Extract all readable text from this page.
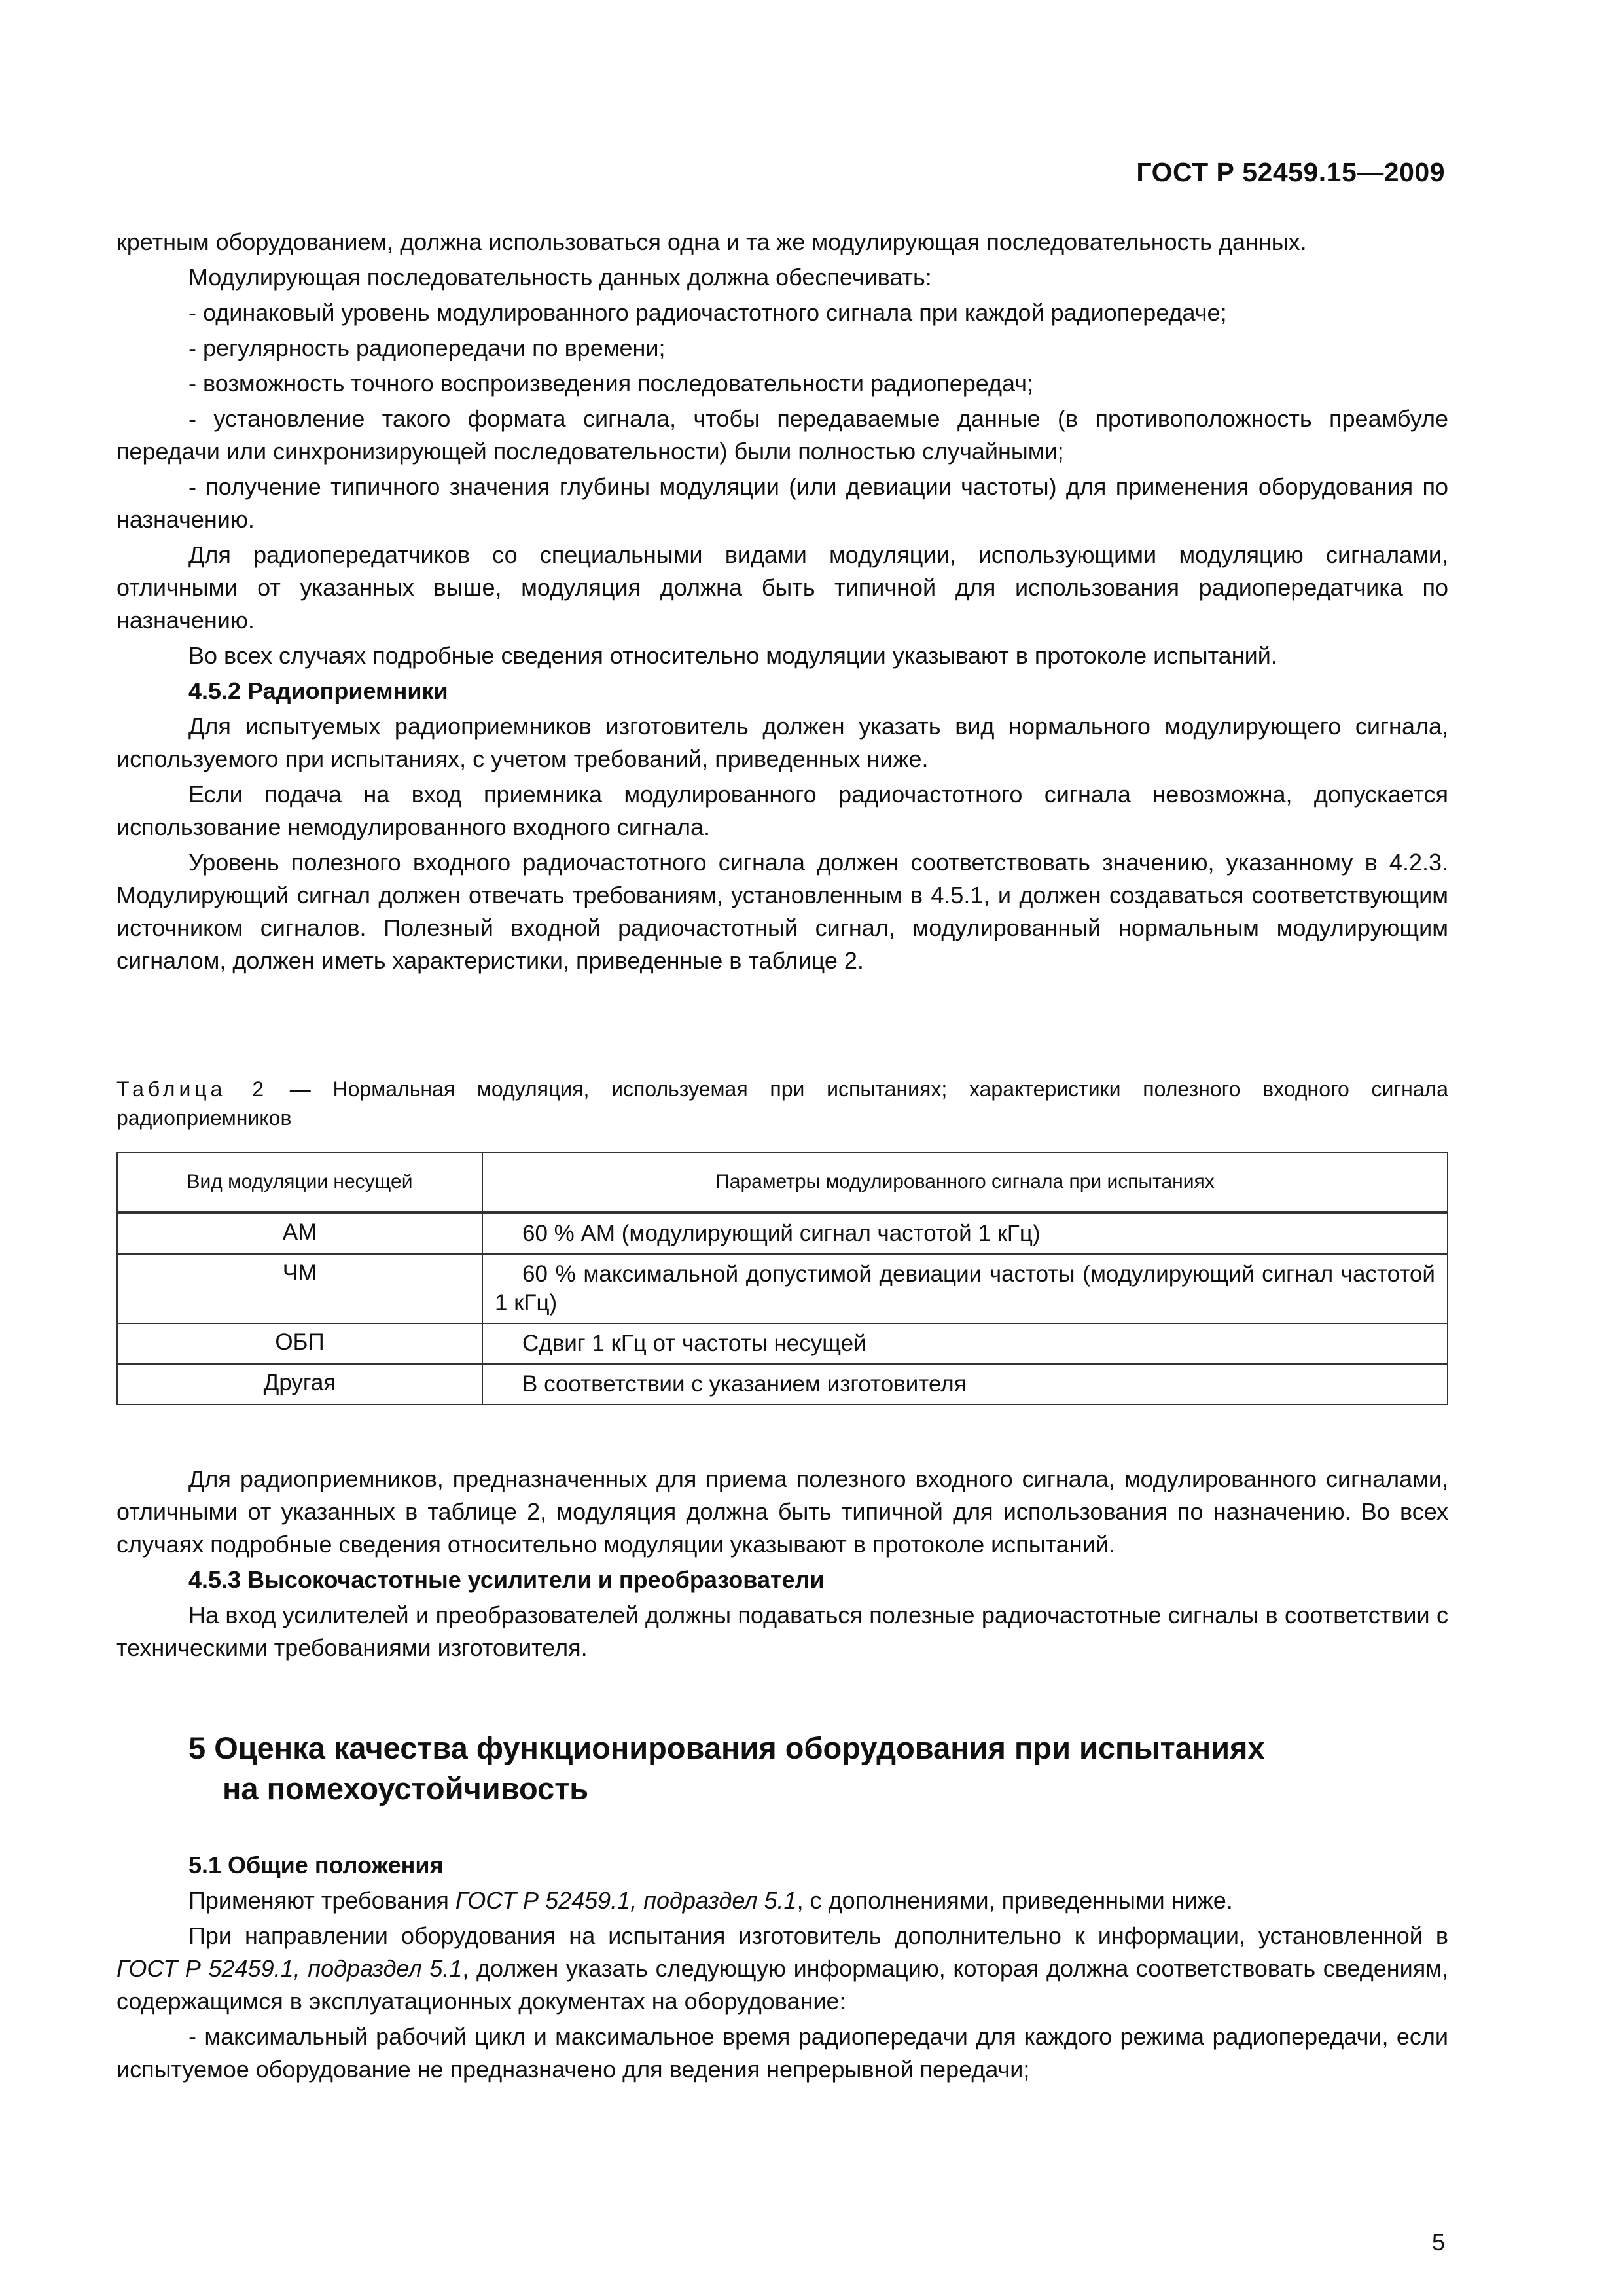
ГОСТ Р 52459.15—2009

кретным оборудованием, должна использоваться одна и та же модулирующая последовательность данных.

Модулирующая последовательность данных должна обеспечивать:

- одинаковый уровень модулированного радиочастотного сигнала при каждой радиопередаче;

- регулярность радиопередачи по времени;

- возможность точного воспроизведения последовательности радиопередач;

- установление такого формата сигнала, чтобы передаваемые данные (в противоположность преамбуле передачи или синхронизирующей последовательности) были полностью случайными;

- получение типичного значения глубины модуляции (или девиации частоты) для применения оборудования по назначению.

Для радиопередатчиков со специальными видами модуляции, использующими модуляцию сигналами, отличными от указанных выше, модуляция должна быть типичной для использования радиопередатчика по назначению.

Во всех случаях подробные сведения относительно модуляции указывают в протоколе испытаний.

4.5.2 Радиоприемники

Для испытуемых радиоприемников изготовитель должен указать вид нормального модулирующего сигнала, используемого при испытаниях, с учетом требований, приведенных ниже.

Если подача на вход приемника модулированного радиочастотного сигнала невозможна, допускается использование немодулированного входного сигнала.

Уровень полезного входного радиочастотного сигнала должен соответствовать значению, указанному в 4.2.3. Модулирующий сигнал должен отвечать требованиям, установленным в 4.5.1, и должен создаваться соответствующим источником сигналов. Полезный входной радиочастотный сигнал, модулированный нормальным модулирующим сигналом, должен иметь характеристики, приведенные в таблице 2.

Таблица 2 — Нормальная модуляция, используемая при испытаниях; характеристики полезного входного сигнала радиоприемников
Вид модуляции несущей	Параметры модулированного сигнала при испытаниях
АМ	60 % АМ (модулирующий сигнал частотой 1 кГц)
ЧМ	60 % максимальной допустимой девиации частоты (модулирующий сигнал частотой 1 кГц)
ОБП	Сдвиг 1 кГц от частоты несущей
Другая	В соответствии с указанием изготовителя

Для радиоприемников, предназначенных для приема полезного входного сигнала, модулированного сигналами, отличными от указанных в таблице 2, модуляция должна быть типичной для использования по назначению. Во всех случаях подробные сведения относительно модуляции указывают в протоколе испытаний.

4.5.3 Высокочастотные усилители и преобразователи

На вход усилителей и преобразователей должны подаваться полезные радиочастотные сигналы в соответствии с техническими требованиями изготовителя.

5 Оценка качества функционирования оборудования при испытаниях
на помехоустойчивость

5.1 Общие положения

Применяют требования ГОСТ Р 52459.1, подраздел 5.1, с дополнениями, приведенными ниже.

При направлении оборудования на испытания изготовитель дополнительно к информации, установленной в ГОСТ Р 52459.1, подраздел 5.1, должен указать следующую информацию, которая должна соответствовать сведениям, содержащимся в эксплуатационных документах на оборудование:

- максимальный рабочий цикл и максимальное время радиопередачи для каждого режима радиопередачи, если испытуемое оборудование не предназначено для ведения непрерывной передачи;

5
